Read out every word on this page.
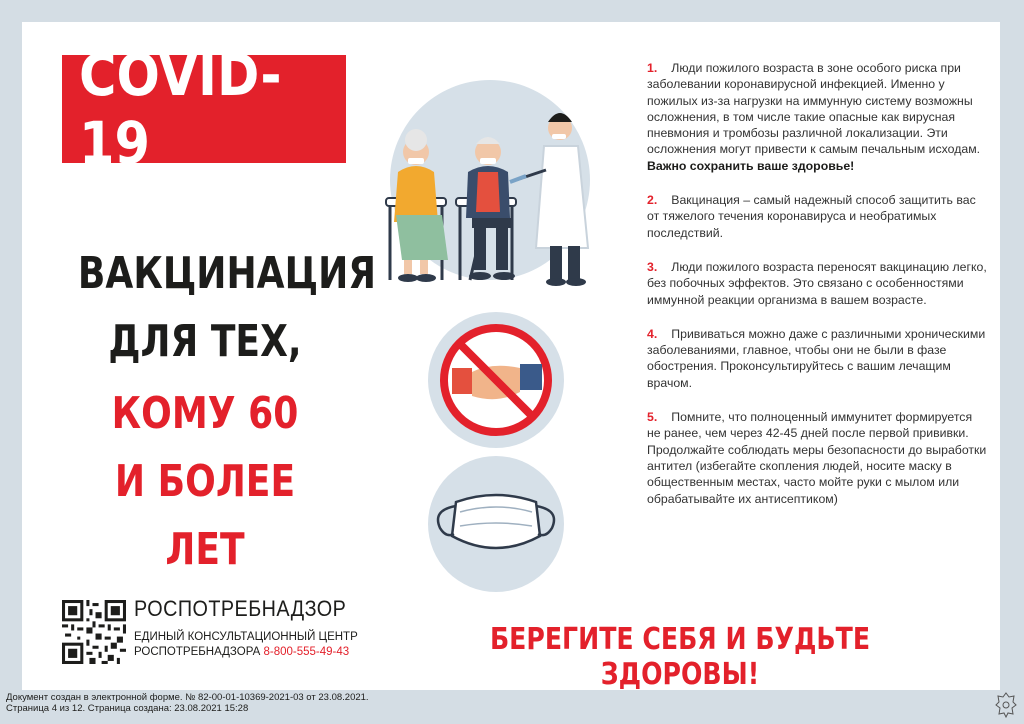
COVID-19
ВАКЦИНАЦИЯ
ДЛЯ ТЕХ,
КОМУ 60
И БОЛЕЕ ЛЕТ
1. Люди пожилого возраста в зоне особого риска при заболевании коронавирусной инфекцией. Именно у пожилых из-за нагрузки на иммунную систему возможны осложнения, в том числе такие опасные как вирусная пневмония и тромбозы различной локализации. Эти осложнения могут привести к самым печальным исходам. Важно сохранить ваше здоровье!
2. Вакцинация – самый надежный способ защитить вас от тяжелого течения коронавируса и необратимых последствий.
3. Люди пожилого возраста переносят вакцинацию легко, без побочных эффектов. Это связано с особенностями иммунной реакции организма в вашем возрасте.
4. Прививаться можно даже с различными хроническими заболеваниями, главное, чтобы они не были в фазе обострения. Проконсультируйтесь с вашим лечащим врачом.
5. Помните, что полноценный иммунитет формируется не ранее, чем через 42-45 дней после первой прививки. Продолжайте соблюдать меры безопасности до выработки антител (избегайте скопления людей, носите маску в общественным местах, часто мойте руки с мылом или обрабатывайте их антисептиком)
РОСПОТРЕБНАДЗОР
ЕДИНЫЙ КОНСУЛЬТАЦИОННЫЙ ЦЕНТР
РОСПОТРЕБНАДЗОРА 8-800-555-49-43	БЕРЕГИТЕ СЕБЯ И БУДЬТЕ ЗДОРОВЫ!
Документ создан в электронной форме. № 82-00-01-10369-2021-03 от 23.08.2021.
Страница 4 из 12. Страница создана: 23.08.2021 15:28
